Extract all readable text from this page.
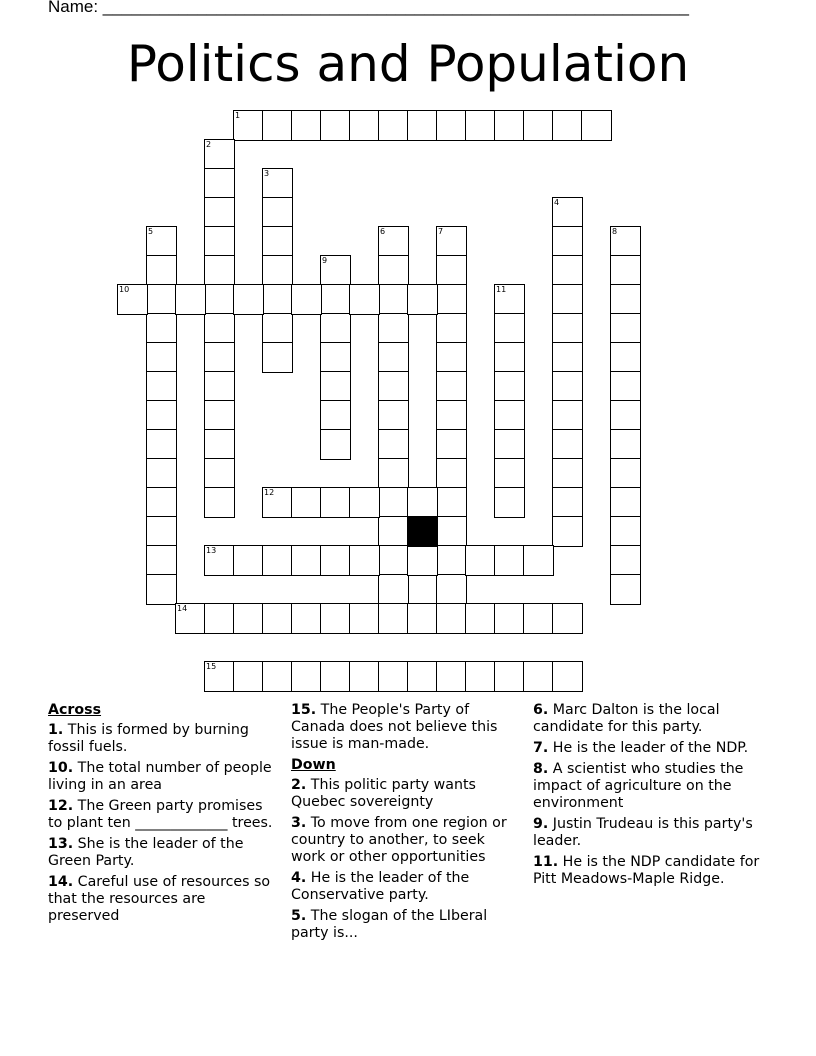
Name: ______________________________________________________________
Politics and Population
1
2
3
4
5	6	7	8
9
10	11
12
13
14
15
Across
1. This is formed by burning fossil fuels.
10. The total number of people living in an area
12. The Green party promises to plant ten _____________ trees.
13. She is the leader of the Green Party.
14. Careful use of resources so that the resources are preserved
15. The People's Party of Canada does not believe this issue is man-made.
Down
2. This politic party wants Quebec sovereignty
3. To move from one region or country to another, to seek work or other opportunities
4. He is the leader of the Conservative party.
5. The slogan of the LIberal party is...
6. Marc Dalton is the local candidate for this party.
7. He is the leader of the NDP.
8. A scientist who studies the impact of agriculture on the environment
9. Justin Trudeau is this party's leader.
11. He is the NDP candidate for Pitt Meadows-Maple Ridge.
